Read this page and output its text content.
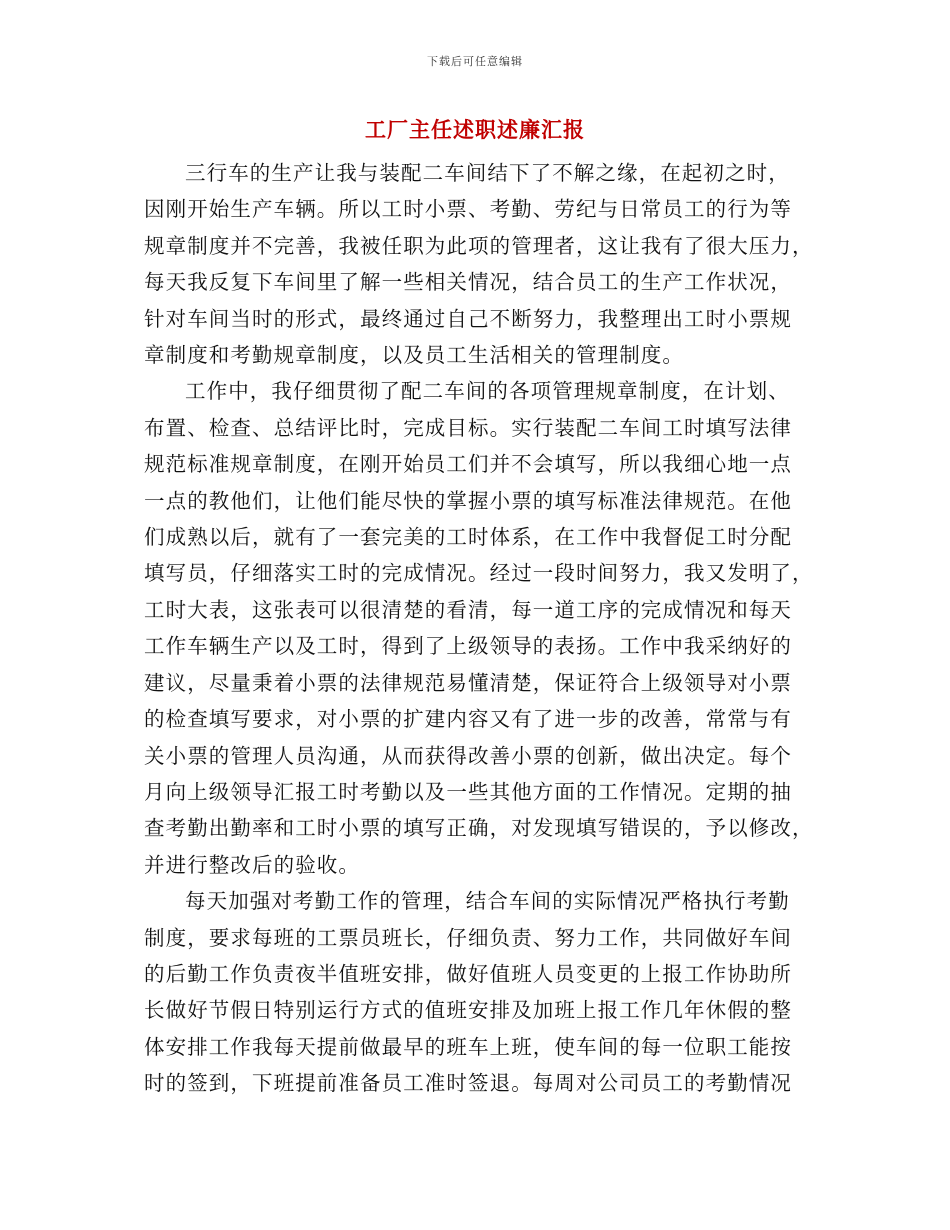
下载后可任意编辑
工厂主任述职述廉汇报

三行车的生产让我与装配二车间结下了不解之缘，在起初之时，
因刚开始生产车辆。所以工时小票、考勤、劳纪与日常员工的行为等
规章制度并不完善，我被任职为此项的管理者，这让我有了很大压力，
每天我反复下车间里了解一些相关情况，结合员工的生产工作状况，
针对车间当时的形式，最终通过自己不断努力，我整理出工时小票规
章制度和考勤规章制度，以及员工生活相关的管理制度。

工作中，我仔细贯彻了配二车间的各项管理规章制度，在计划、
布置、检查、总结评比时，完成目标。实行装配二车间工时填写法律
规范标准规章制度，在刚开始员工们并不会填写，所以我细心地一点
一点的教他们，让他们能尽快的掌握小票的填写标准法律规范。在他
们成熟以后，就有了一套完美的工时体系，在工作中我督促工时分配
填写员，仔细落实工时的完成情况。经过一段时间努力，我又发明了，
工时大表，这张表可以很清楚的看清，每一道工序的完成情况和每天
工作车辆生产以及工时，得到了上级领导的表扬。工作中我采纳好的
建议，尽量秉着小票的法律规范易懂清楚，保证符合上级领导对小票
的检查填写要求，对小票的扩建内容又有了进一步的改善，常常与有
关小票的管理人员沟通，从而获得改善小票的创新，做出决定。每个
月向上级领导汇报工时考勤以及一些其他方面的工作情况。定期的抽
查考勤出勤率和工时小票的填写正确，对发现填写错误的，予以修改，
并进行整改后的验收。

每天加强对考勤工作的管理，结合车间的实际情况严格执行考勤
制度，要求每班的工票员班长，仔细负责、努力工作，共同做好车间
的后勤工作负责夜半值班安排，做好值班人员变更的上报工作协助所
长做好节假日特别运行方式的值班安排及加班上报工作几年休假的整
体安排工作我每天提前做最早的班车上班，使车间的每一位职工能按
时的签到，下班提前准备员工准时签退。每周对公司员工的考勤情况
